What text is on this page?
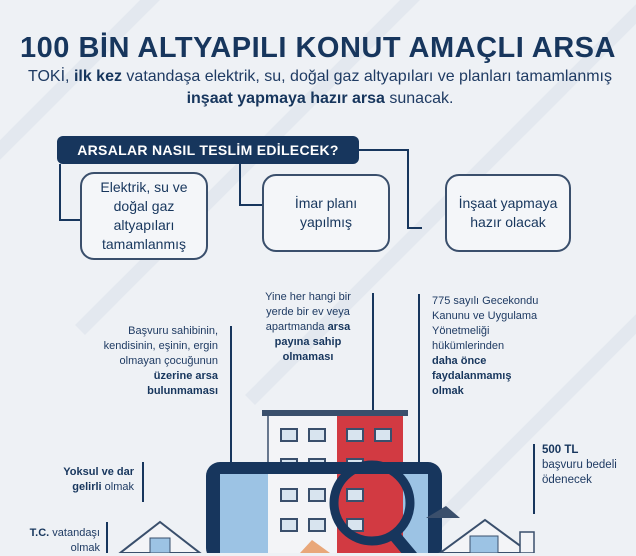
100 BİN ALTYAPILI KONUT AMAÇLI ARSA
TOKİ, ilk kez vatandaşa elektrik, su, doğal gaz altyapıları ve planları tamamlanmış inşaat yapmaya hazır arsa sunacak.
ARSALAR NASIL TESLİM EDİLECEK?
Elektrik, su ve doğal gaz altyapıları tamamlanmış
İmar planı yapılmış
İnşaat yapmaya hazır olacak
Başvuru sahibinin, kendisinin, eşinin, ergin olmayan çocuğunun
üzerine arsa bulunmaması
Yine her hangi bir yerde bir ev veya apartmanda arsa payına sahip olmaması
775 sayılı Gecekondu Kanunu ve Uygulama Yönetmeliği hükümlerinden
daha önce faydalanmamış olmak
Yoksul ve dar gelirli olmak
T.C. vatandaşı olmak
500 TL
başvuru bedeli ödenecek
